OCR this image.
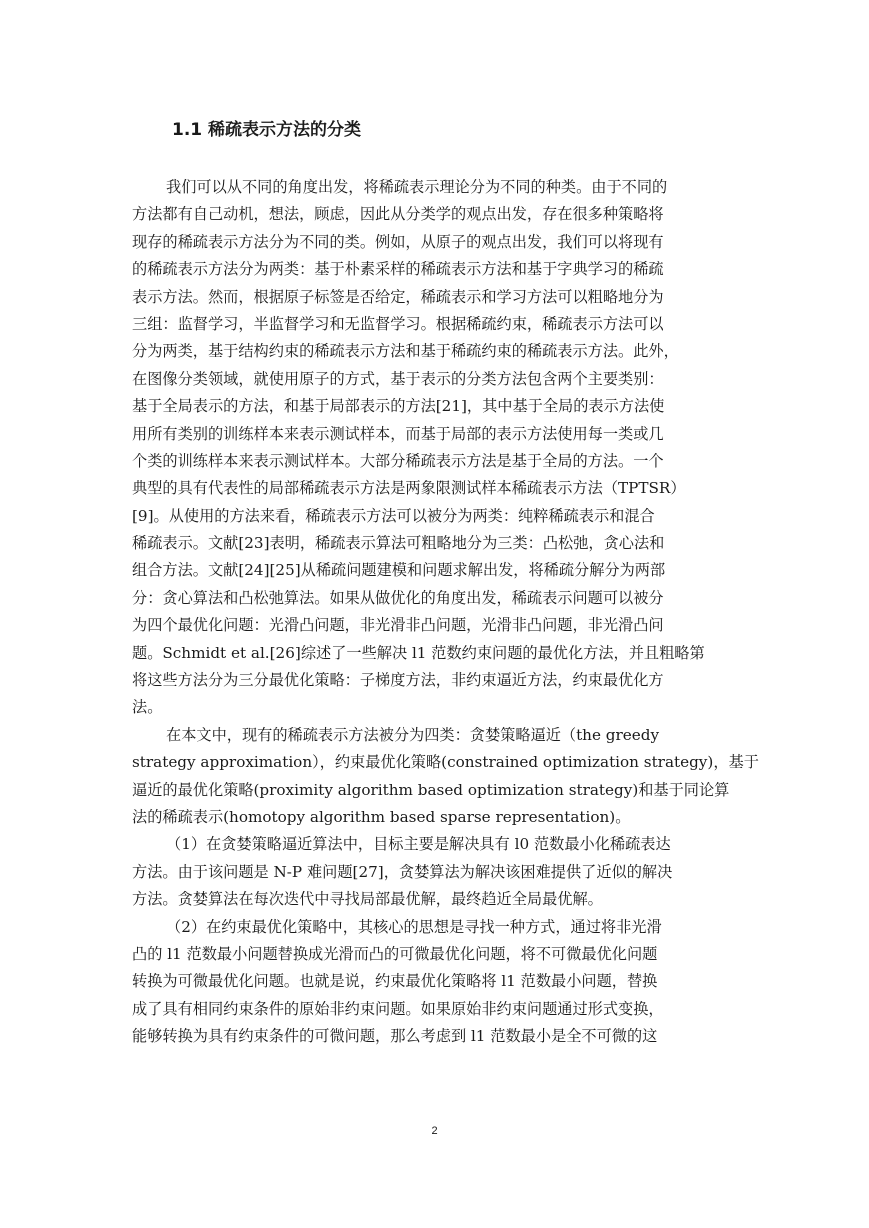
1.1 稀疏表示方法的分类
我们可以从不同的角度出发，将稀疏表示理论分为不同的种类。由于不同的
方法都有自己动机，想法，顾虑，因此从分类学的观点出发，存在很多种策略将
现存的稀疏表示方法分为不同的类。例如，从原子的观点出发，我们可以将现有
的稀疏表示方法分为两类：基于朴素采样的稀疏表示方法和基于字典学习的稀疏
表示方法。然而，根据原子标签是否给定，稀疏表示和学习方法可以粗略地分为
三组：监督学习，半监督学习和无监督学习。根据稀疏约束，稀疏表示方法可以
分为两类，基于结构约束的稀疏表示方法和基于稀疏约束的稀疏表示方法。此外，
在图像分类领域，就使用原子的方式，基于表示的分类方法包含两个主要类别：
基于全局表示的方法，和基于局部表示的方法[21]，其中基于全局的表示方法使
用所有类别的训练样本来表示测试样本，而基于局部的表示方法使用每一类或几
个类的训练样本来表示测试样本。大部分稀疏表示方法是基于全局的方法。一个
典型的具有代表性的局部稀疏表示方法是两象限测试样本稀疏表示方法（TPTSR）
[9]。从使用的方法来看，稀疏表示方法可以被分为两类：纯粹稀疏表示和混合
稀疏表示。文献[23]表明，稀疏表示算法可粗略地分为三类：凸松弛，贪心法和
组合方法。文献[24][25]从稀疏问题建模和问题求解出发，将稀疏分解分为两部
分：贪心算法和凸松弛算法。如果从做优化的角度出发，稀疏表示问题可以被分
为四个最优化问题：光滑凸问题，非光滑非凸问题，光滑非凸问题，非光滑凸问
题。Schmidt et al.[26]综述了一些解决 l1 范数约束问题的最优化方法，并且粗略第
将这些方法分为三分最优化策略：子梯度方法，非约束逼近方法，约束最优化方
法。
在本文中，现有的稀疏表示方法被分为四类：贪婪策略逼近（the greedy
strategy approximation），约束最优化策略(constrained optimization strategy)，基于
逼近的最优化策略(proximity algorithm based optimization strategy)和基于同论算
法的稀疏表示(homotopy algorithm based sparse representation)。
（1）在贪婪策略逼近算法中，目标主要是解决具有 l0 范数最小化稀疏表达
方法。由于该问题是 N-P 难问题[27]，贪婪算法为解决该困难提供了近似的解决
方法。贪婪算法在每次迭代中寻找局部最优解，最终趋近全局最优解。
（2）在约束最优化策略中，其核心的思想是寻找一种方式，通过将非光滑
凸的 l1 范数最小问题替换成光滑而凸的可微最优化问题，将不可微最优化问题
转换为可微最优化问题。也就是说，约束最优化策略将 l1 范数最小问题，替换
成了具有相同约束条件的原始非约束问题。如果原始非约束问题通过形式变换，
能够转换为具有约束条件的可微问题，那么考虑到 l1 范数最小是全不可微的这
2
